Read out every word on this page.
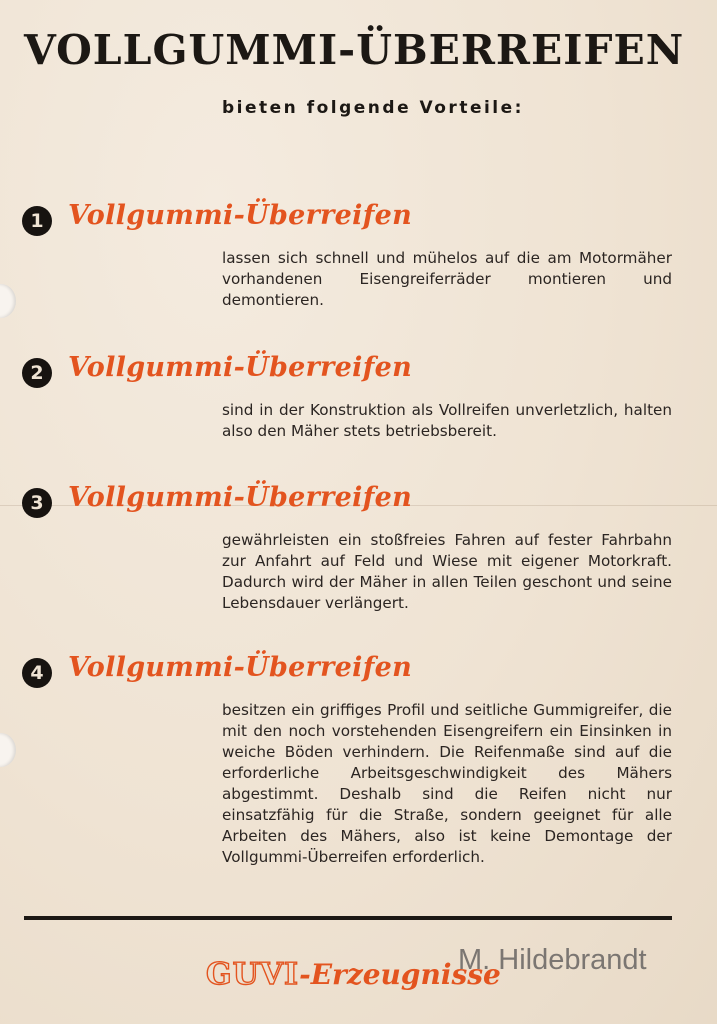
VOLLGUMMI-ÜBERREIFEN

bieten folgende Vorteile:

1 Vollgummi-Überreifen

lassen sich schnell und mühelos auf die am Motormäher vorhandenen Eisengreiferräder montieren und demontieren.

2 Vollgummi-Überreifen

sind in der Konstruktion als Vollreifen unverletzlich, halten also den Mäher stets betriebsbereit.

3 Vollgummi-Überreifen

gewährleisten ein stoßfreies Fahren auf fester Fahrbahn zur Anfahrt auf Feld und Wiese mit eigener Motorkraft. Dadurch wird der Mäher in allen Teilen geschont und seine Lebensdauer verlängert.

4 Vollgummi-Überreifen

besitzen ein griffiges Profil und seitliche Gummigreifer, die mit den noch vorstehenden Eisengreifern ein Einsinken in weiche Böden verhindern. Die Reifenmaße sind auf die erforderliche Arbeitsgeschwindigkeit des Mähers abgestimmt. Deshalb sind die Reifen nicht nur einsatzfähig für die Straße, sondern geeignet für alle Arbeiten des Mähers, also ist keine Demontage der Vollgummi-Überreifen erforderlich.

GUVI-Erzeugnisse
M. Hildebrandt
